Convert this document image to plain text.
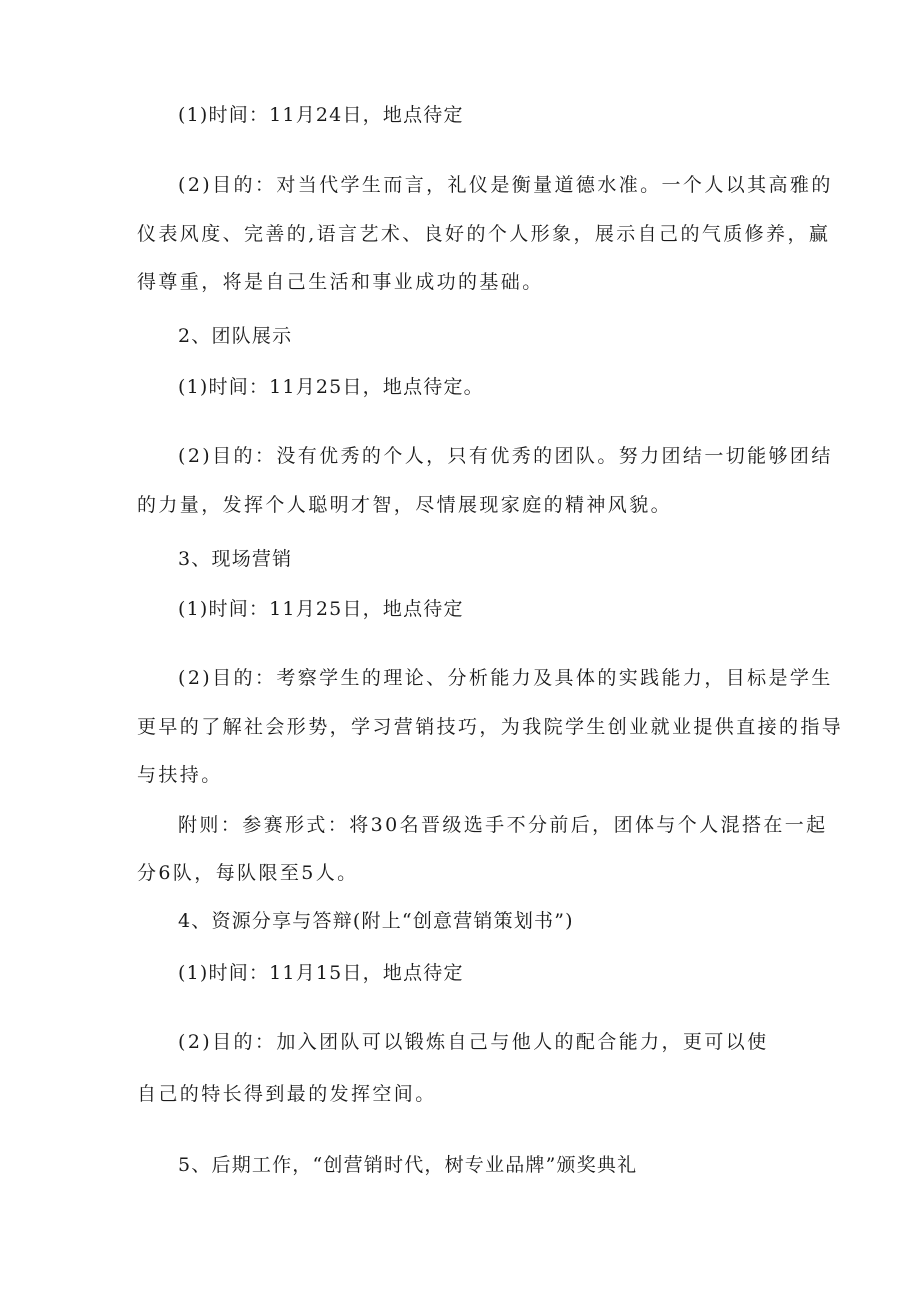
(1)时间：11月24日，地点待定
(2)目的：对当代学生而言，礼仪是衡量道德水准。一个人以其高雅的
仪表风度、完善的,语言艺术、良好的个人形象，展示自己的气质修养，赢
得尊重，将是自己生活和事业成功的基础。
2、团队展示
(1)时间：11月25日，地点待定。
(2)目的：没有优秀的个人，只有优秀的团队。努力团结一切能够团结
的力量，发挥个人聪明才智，尽情展现家庭的精神风貌。
3、现场营销
(1)时间：11月25日，地点待定
(2)目的：考察学生的理论、分析能力及具体的实践能力，目标是学生
更早的了解社会形势，学习营销技巧，为我院学生创业就业提供直接的指导
与扶持。
附则：参赛形式：将30名晋级选手不分前后，团体与个人混搭在一起
分6队，每队限至5人。
4、资源分享与答辩(附上“创意营销策划书”)
(1)时间：11月15日，地点待定
(2)目的：加入团队可以锻炼自己与他人的配合能力，更可以使
自己的特长得到最的发挥空间。
5、后期工作，“创营销时代，树专业品牌”颁奖典礼
